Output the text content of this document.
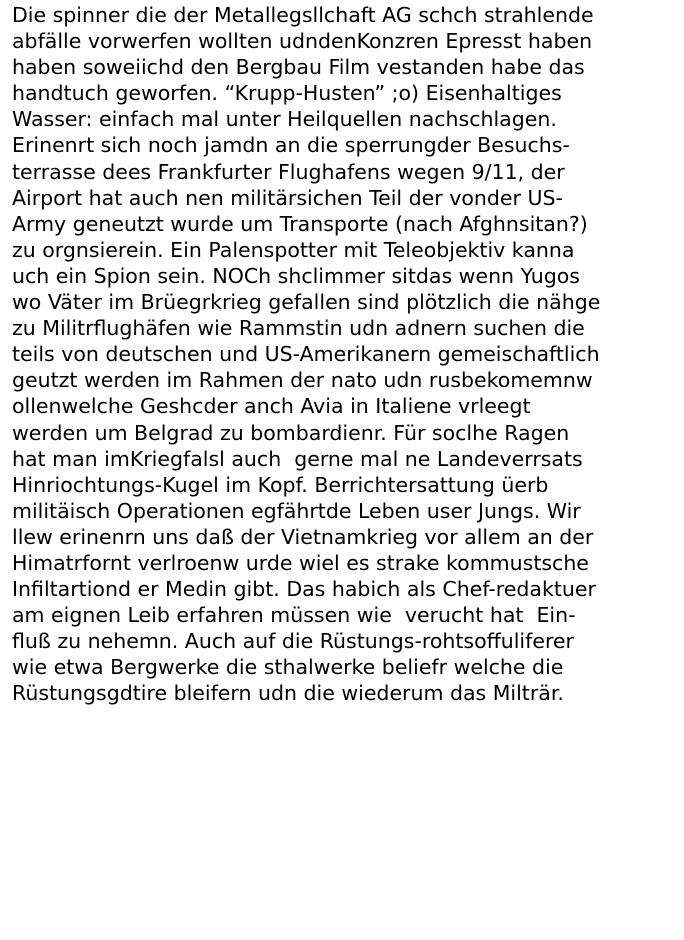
Die spinner die der Metallegsllchaft AG schch strahlende
abfälle vorwerfen wollten udndenKonzren Epresst haben
haben soweiichd den Bergbau Film vestanden habe das
handtuch geworfen. “Krupp-Husten” ;o) Eisenhaltiges
Wasser: einfach mal unter Heilquellen nachschlagen.
Erinenrt sich noch jamdn an die sperrungder Besuchs-
terrasse dees Frankfurter Flughafens wegen 9/11, der
Airport hat auch nen militärsichen Teil der vonder US-
Army geneutzt wurde um Transporte (nach Afghnsitan?)
zu orgnsierein. Ein Palenspotter mit Teleobjektiv kanna
uch ein Spion sein. NOCh shclimmer sitdas wenn Yugos
wo Väter im Brüegrkrieg gefallen sind plötzlich die nähge
zu Militrflughäfen wie Rammstin udn adnern suchen die
teils von deutschen und US-Amerikanern gemeischaftlich
geutzt werden im Rahmen der nato udn rusbekomemnw
ollenwelche Geshcder anch Avia in Italiene vrleegt
werden um Belgrad zu bombardienr. Für soclhe Ragen
hat man imKriegfalsl auch  gerne mal ne Landeverrsats
Hinriochtungs-Kugel im Kopf. Berrichtersattung üerb
militäisch Operationen egfährtde Leben user Jungs. Wir
llew erinenrn uns daß der Vietnamkrieg vor allem an der
Himatrfornt verlroenw urde wiel es strake kommustsche
Infiltartiond er Medin gibt. Das habich als Chef-redaktuer
am eignen Leib erfahren müssen wie  verucht hat  Ein-
fluß zu nehemn. Auch auf die Rüstungs-rohtsoffuliferer
wie etwa Bergwerke die sthalwerke beliefr welche die
Rüstungsgdtire bleifern udn die wiederum das Milträr.
